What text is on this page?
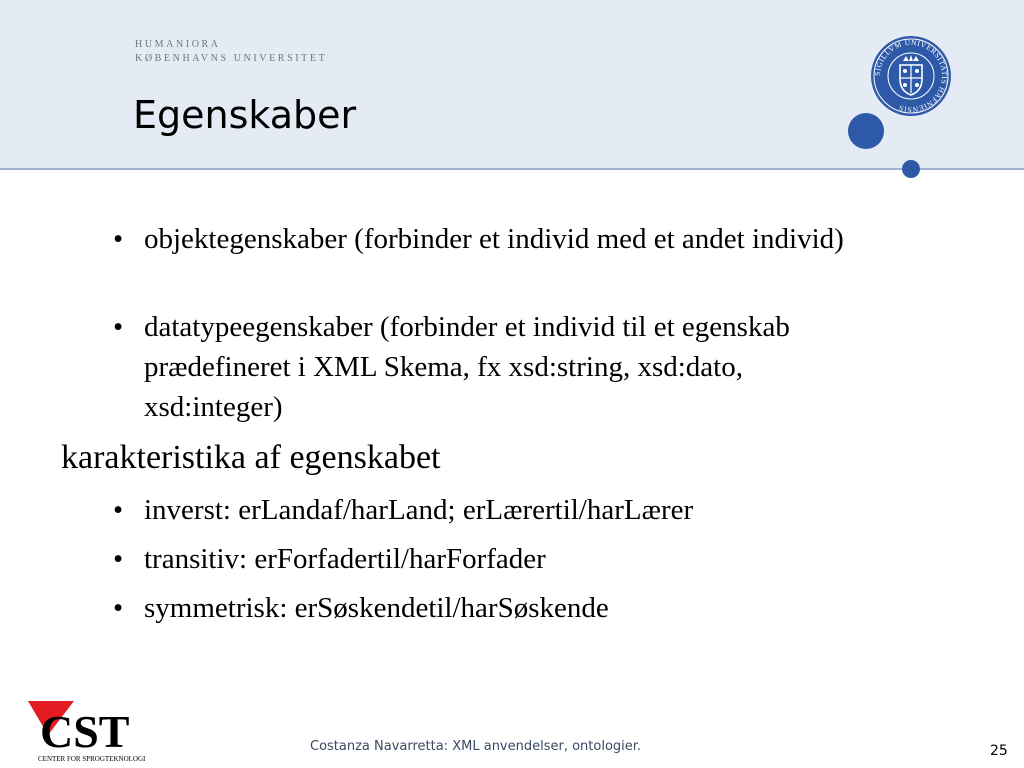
HUMANIORA
KØBENHAVNS UNIVERSITET
Egenskaber
SIGILLVM UNIVERSITATIS HAFNIENSIS
• objektegenskaber (forbinder et individ med et andet individ)
• datatypeegenskaber (forbinder et individ til et egenskab prædefineret i XML Skema, fx xsd:string, xsd:dato, xsd:integer)
karakteristika af egenskabet
• inverst: erLandaf/harLand; erLærertil/harLærer
• transitiv: erForfadertil/harForfader
• symmetrisk: erSøskendetil/harSøskende
CST
CENTER FOR SPROGTEKNOLOGI
Costanza Navarretta: XML anvendelser, ontologier.	25
